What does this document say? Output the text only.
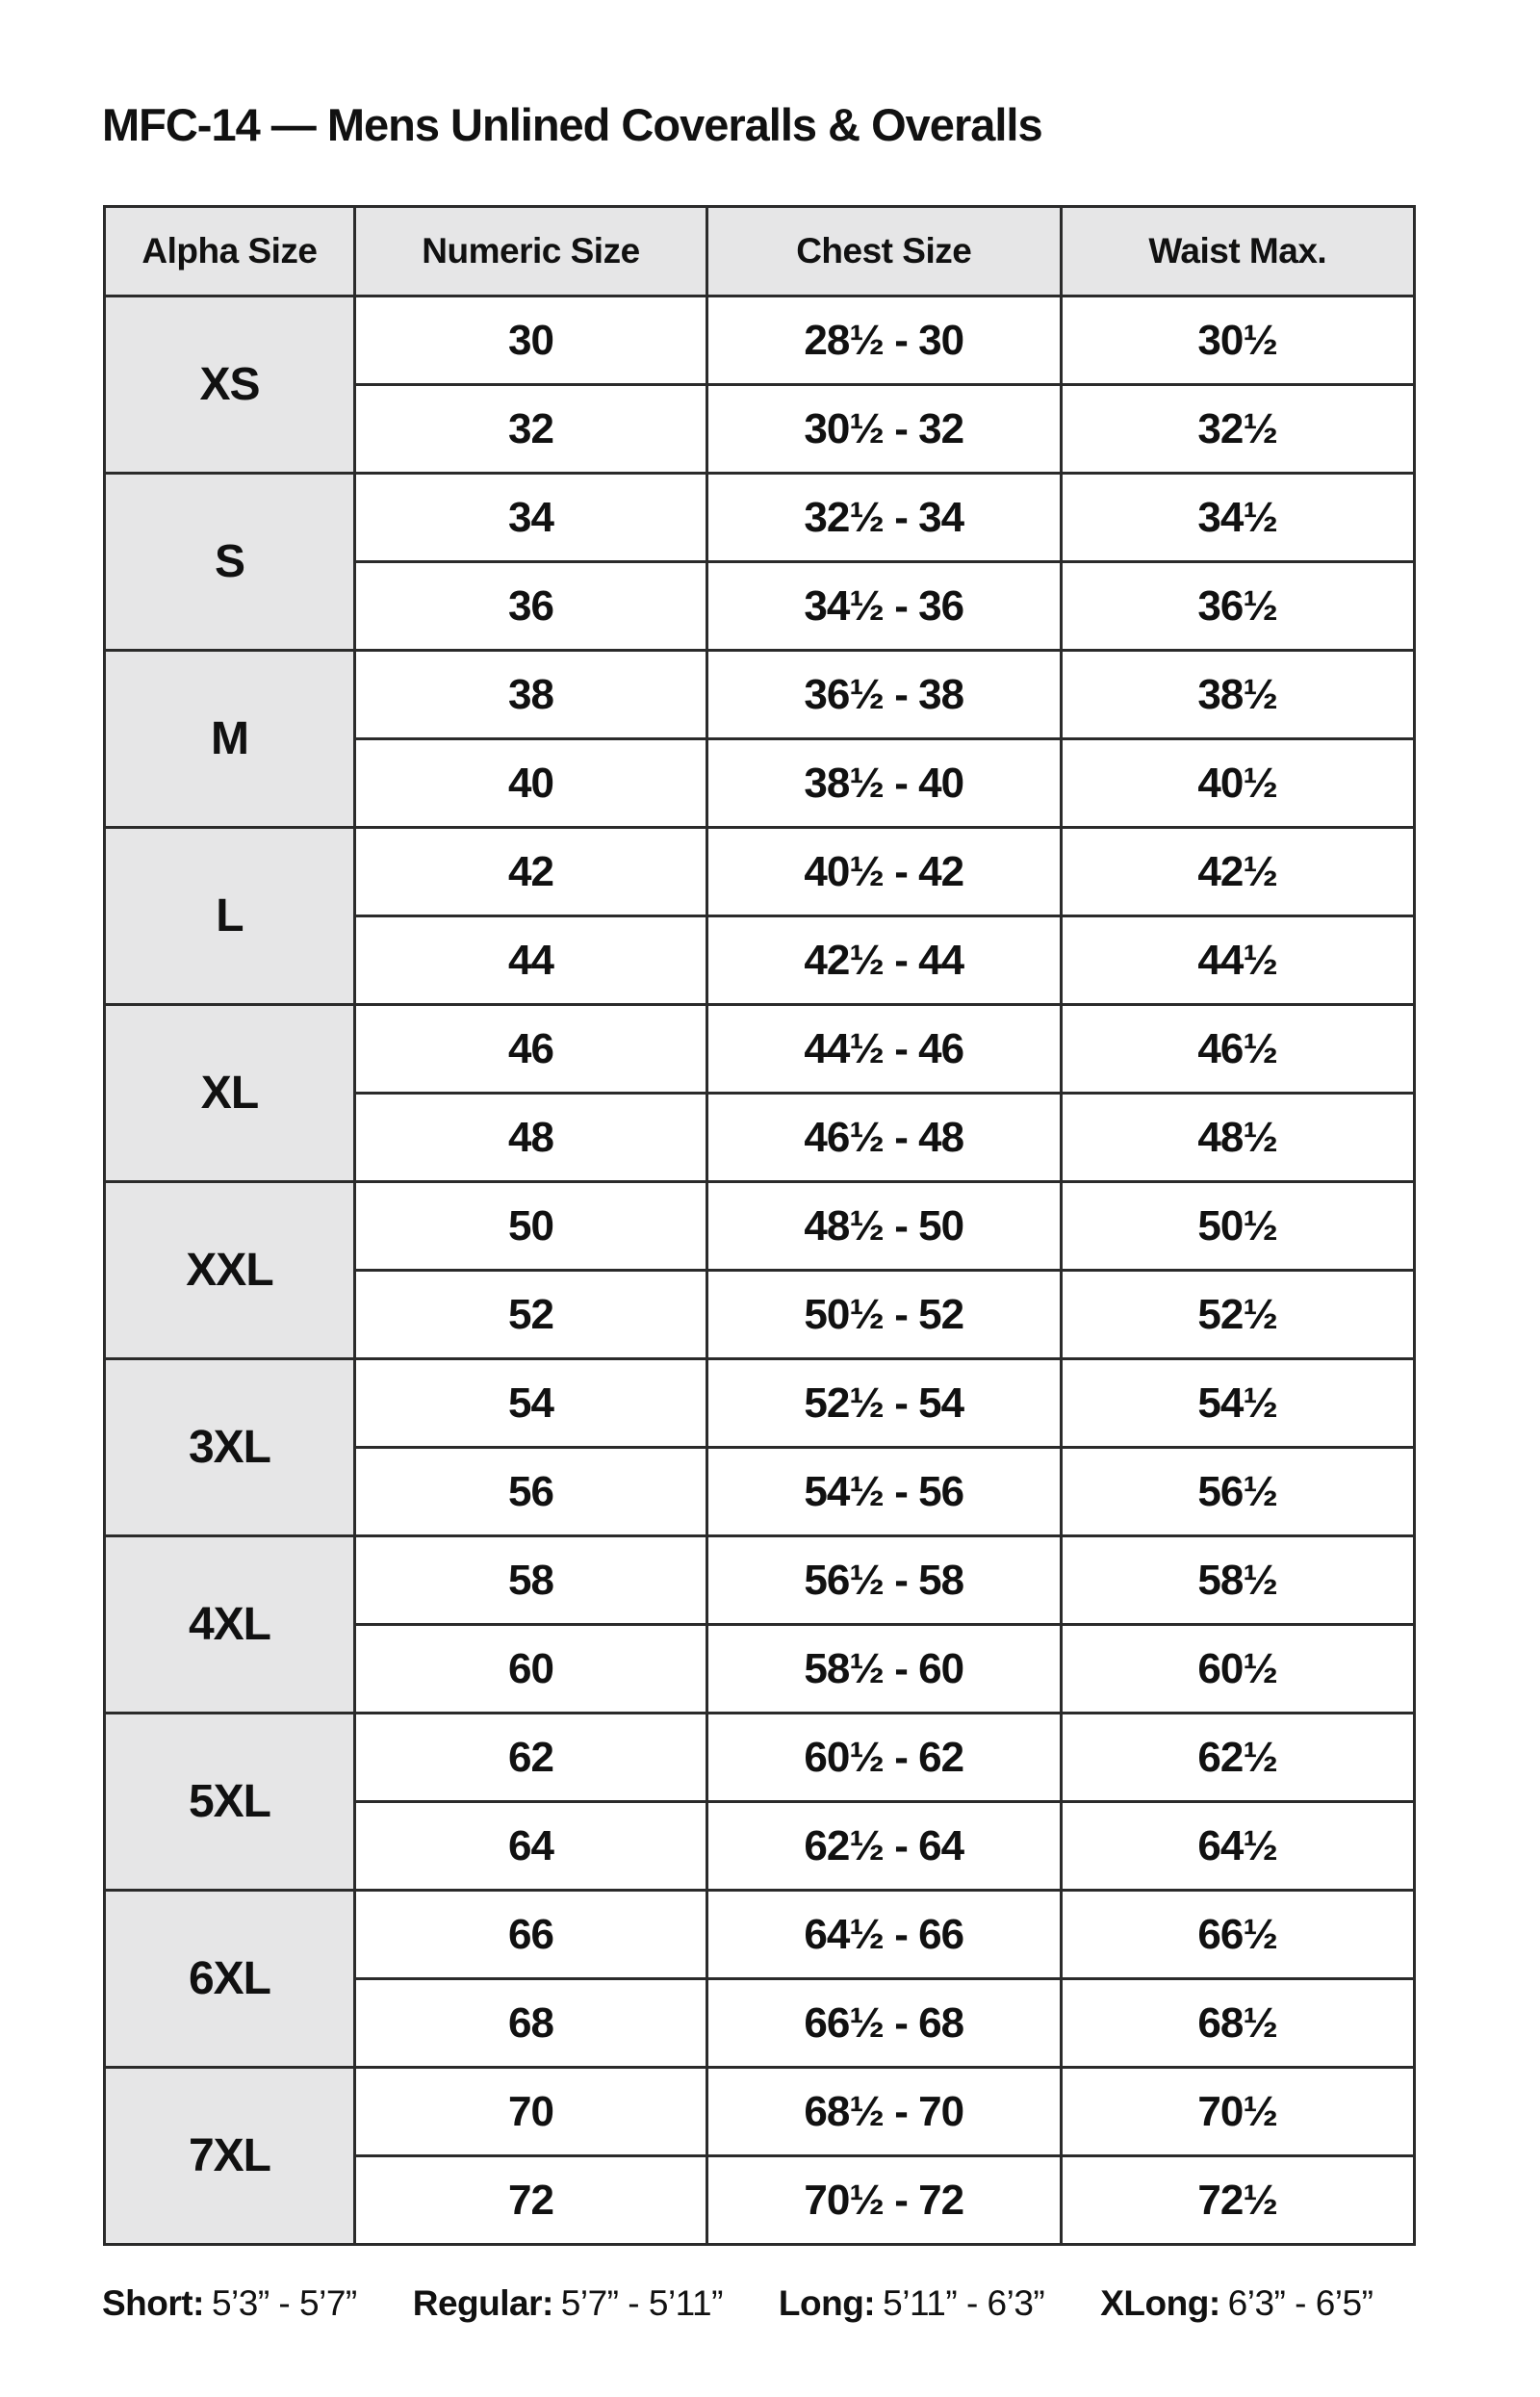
MFC-14 — Mens Unlined Coveralls & Overalls
Alpha Size	Numeric Size	Chest Size	Waist Max.
XS	30	28½ - 30	30½
	32	30½ - 32	32½
S	34	32½ - 34	34½
	36	34½ - 36	36½
M	38	36½ - 38	38½
	40	38½ - 40	40½
L	42	40½ - 42	42½
	44	42½ - 44	44½
XL	46	44½ - 46	46½
	48	46½ - 48	48½
XXL	50	48½ - 50	50½
	52	50½ - 52	52½
3XL	54	52½ - 54	54½
	56	54½ - 56	56½
4XL	58	56½ - 58	58½
	60	58½ - 60	60½
5XL	62	60½ - 62	62½
	64	62½ - 64	64½
6XL	66	64½ - 66	66½
	68	66½ - 68	68½
7XL	70	68½ - 70	70½
	72	70½ - 72	72½
Short: 5’3” - 5’7” Regular: 5’7” - 5’11” Long: 5’11” - 6’3” XLong: 6’3” - 6’5”
